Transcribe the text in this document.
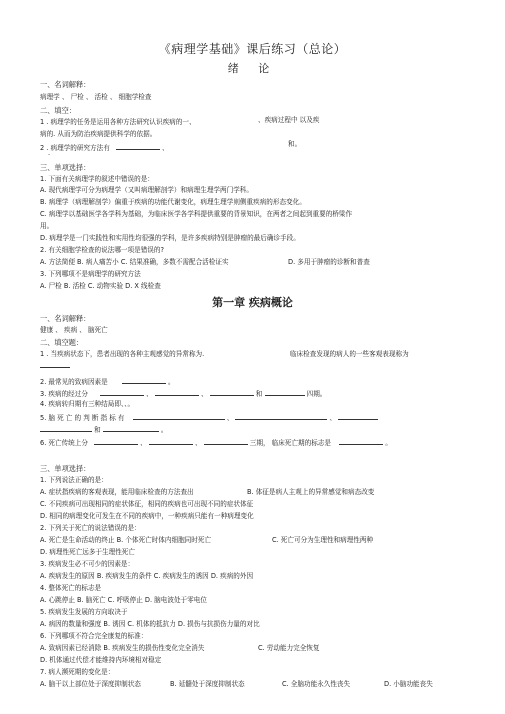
《病理学基础》课后练习（总论）
绪 论
一、名词解释：
病理学 、 尸检 、 活检 、 细胞学检查
二、填空：
1 . 病理学的任务是运用各种方法研究认识疾病的一、	、疾病过程中 以及疾
病的. 从而为防治疾病提供科学的依据。
2 . 病理学的研究方法有	、	和。
·
三、单项选择：
1. 下面有关病理学的叙述中错误的是：
A. 现代病理学可分为病理学（又叫病理解剖学）和病理生理学两门学科。
B. 病理学（病理解剖学）偏重于疾病的功能代谢变化，病理生理学则侧重疾病的形态变化。
C. 病理学以基础医学各学科为基础，为临床医学各学科提供重要的背景知识，在两者之间起到重要的桥梁作
用。
D. 病理学是一门实践性和实用性均很强的学科，是许多疾病特别是肿瘤的最后确诊手段。
2. 有关细胞学检查的说法哪一项是错误的?
A. 方法简便 B. 病人痛苦小 C. 结果准确，多数不需配合活检证实	D. 多用于肿瘤的诊断和普查
3. 下列哪项不是病理学的研究方法
A. 尸检 B. 活检 C. 动物实验 D. X 线检查
第一章 疾病概论
一、名词解释：
健康 、 疾病 、 脑死亡
二、填空题：
1 . 当疾病状态下，患者出现的各种主观感觉的异常称为.	临床检查发现的病人的一些客观表现称为
2. 最常见的致病因素是	。
3. 疾病的经过分	、	、	和	四期。
4. 疾病转归期有三种结局即、、。
5. 脑 死 亡 的 判 断 指 标 有	、	、
和	。
6. 死亡传统上分	、	、	三期， 临床死亡期的标志是	。
三、单项选择：
1. 下列说法正确的是：
A. 症状指疾病的客观表现，能用临床检查的方法查出	B. 体征是病人主观上的异常感觉和病态改变
C. 不同疾病可出现相同的症状体征，相同的疾病也可出现不同的症状体征
D. 相同的病理变化可发生在不同的疾病中，一种疾病只能有一种病理变化
2. 下列关于死亡的说法错误的是：
A. 死亡是生命活动的终止 B. 个体死亡时体内细胞同时死亡	C. 死亡可分为生理性和病理性两种
D. 病理性死亡远多于生理性死亡
3. 疾病发生必不可少的因素是：
A. 疾病发生的原因 B. 疾病发生的条件 C. 疾病发生的诱因 D. 疾病的外因
4. 整体死亡的标志是
A. 心跳停止 B. 脑死亡 C. 呼吸停止 D. 脑电波处于零电位
5. 疾病发生发展的方向取决于
A. 病因的数量和强度 B. 诱因 C. 机体的抵抗力 D. 损伤与抗损伤力量的对比
6. 下列哪项不符合完全康复的标准：
A. 致病因素已经消除 B. 疾病发生的损伤性变化完全消失	C. 劳动能力完全恢复
D. 机体通过代偿才能维持内环境相对稳定
7. 病人濒死期的变化是：
A. 脑干以上部位处于深度抑制状态	B. 延髓处于深度抑制状态	C. 全脑功能永久性丧失	D. 小脑功能丧失
